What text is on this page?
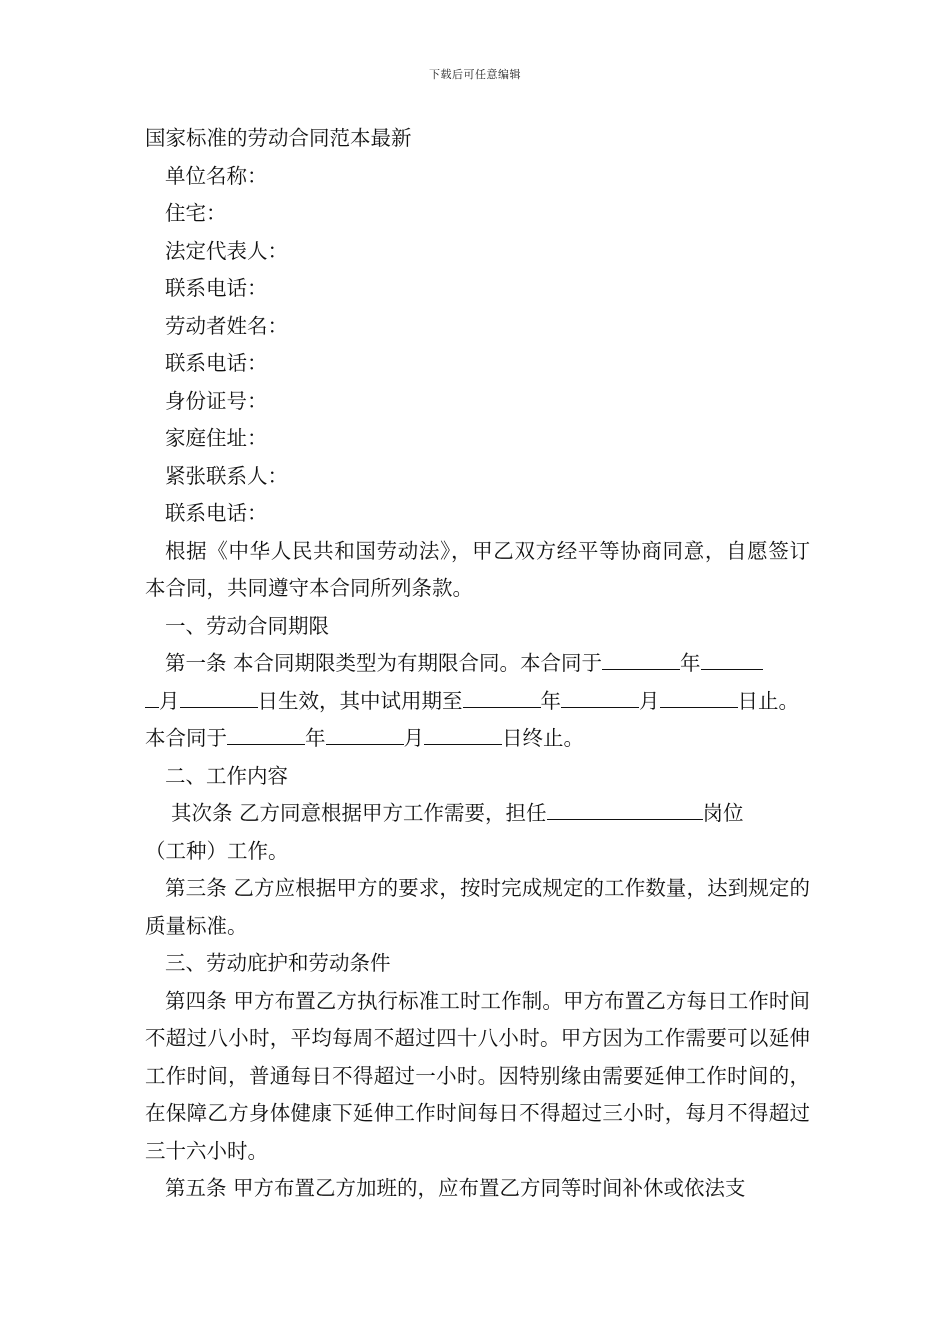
下载后可任意编辑
国家标准的劳动合同范本最新
单位名称：
住宅：
法定代表人：
联系电话：
劳动者姓名：
联系电话：
身份证号：
家庭住址：
紧张联系人：
联系电话：
根据《中华人民共和国劳动法》，甲乙双方经平等协商同意，自愿签订本合同，共同遵守本合同所列条款。
一、劳动合同期限
第一条 本合同期限类型为有期限合同。本合同于	年
月	日生效，其中试用期至	年	月	日止。
本合同于	年	月	日终止。
二、工作内容
其次条 乙方同意根据甲方工作需要，担任	岗位
（工种）工作。
第三条 乙方应根据甲方的要求，按时完成规定的工作数量，达到规定的质量标准。
三、劳动庇护和劳动条件
第四条 甲方布置乙方执行标准工时工作制。甲方布置乙方每日工作时间不超过八小时，平均每周不超过四十八小时。甲方因为工作需要可以延伸工作时间，普通每日不得超过一小时。因特别缘由需要延伸工作时间的，在保障乙方身体健康下延伸工作时间每日不得超过三小时，每月不得超过三十六小时。
第五条 甲方布置乙方加班的，应布置乙方同等时间补休或依法支
